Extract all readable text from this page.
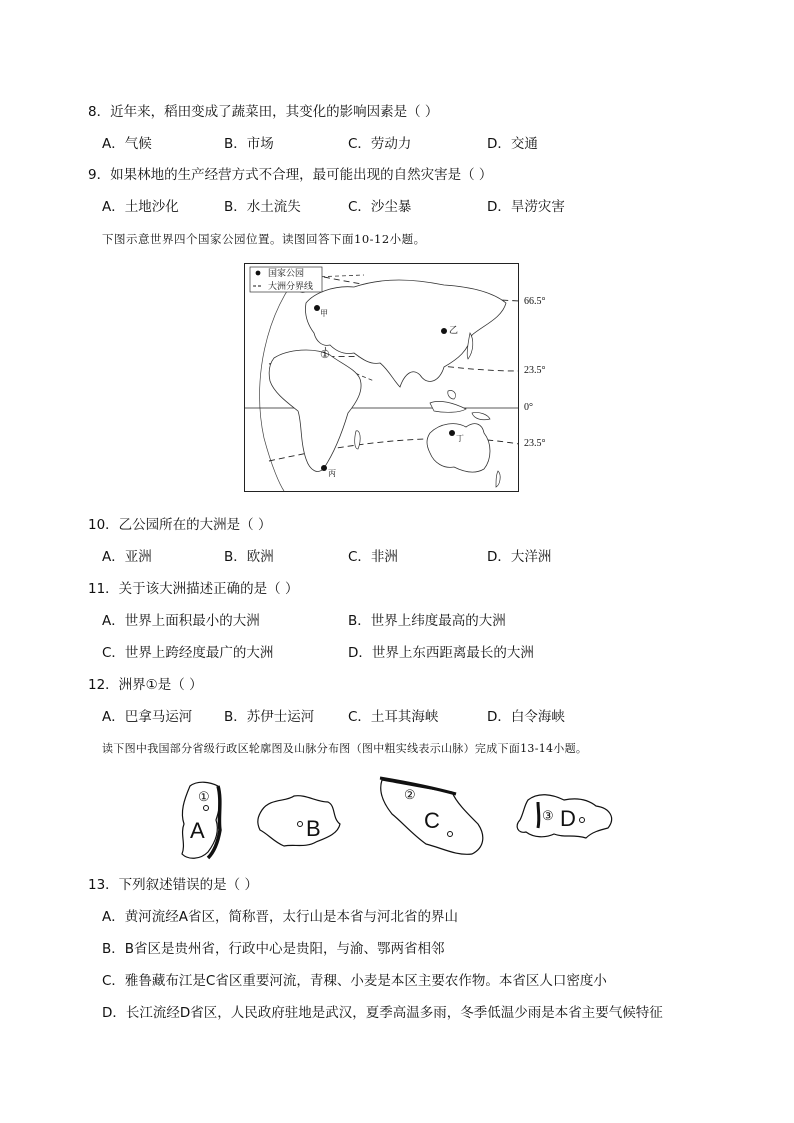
8．近年来，稻田变成了蔬菜田，其变化的影响因素是（ ）
A．气候	B．市场	C．劳动力	D．交通
9．如果林地的生产经营方式不合理，最可能出现的自然灾害是（ ）
A．土地沙化	B．水土流失	C．沙尘暴	D．旱涝灾害
下图示意世界四个国家公园位置。读图回答下面10-12小题。
国家公园
大洲分界线
甲
乙
丙
丁
①
66.5°
23.5°
0°
23.5°
10．乙公园所在的大洲是（ ）
A．亚洲	B．欧洲	C．非洲	D．大洋洲
11．关于该大洲描述正确的是（ ）
A．世界上面积最小的大洲	B．世界上纬度最高的大洲
C．世界上跨经度最广的大洲	D．世界上东西距离最长的大洲
12．洲界①是（ ）
A．巴拿马运河 B．苏伊士运河 C．土耳其海峡	D．白令海峡
读下图中我国部分省级行政区轮廓图及山脉分布图（图中粗实线表示山脉）完成下面13-14小题。
①
A	B
②
C	③ D
13．下列叙述错误的是（ ）
A．黄河流经A省区，简称晋，太行山是本省与河北省的界山
B．B省区是贵州省，行政中心是贵阳，与渝、鄂两省相邻
C．雅鲁藏布江是C省区重要河流，青稞、小麦是本区主要农作物。本省区人口密度小
D．长江流经D省区，人民政府驻地是武汉，夏季高温多雨，冬季低温少雨是本省主要气候特征
